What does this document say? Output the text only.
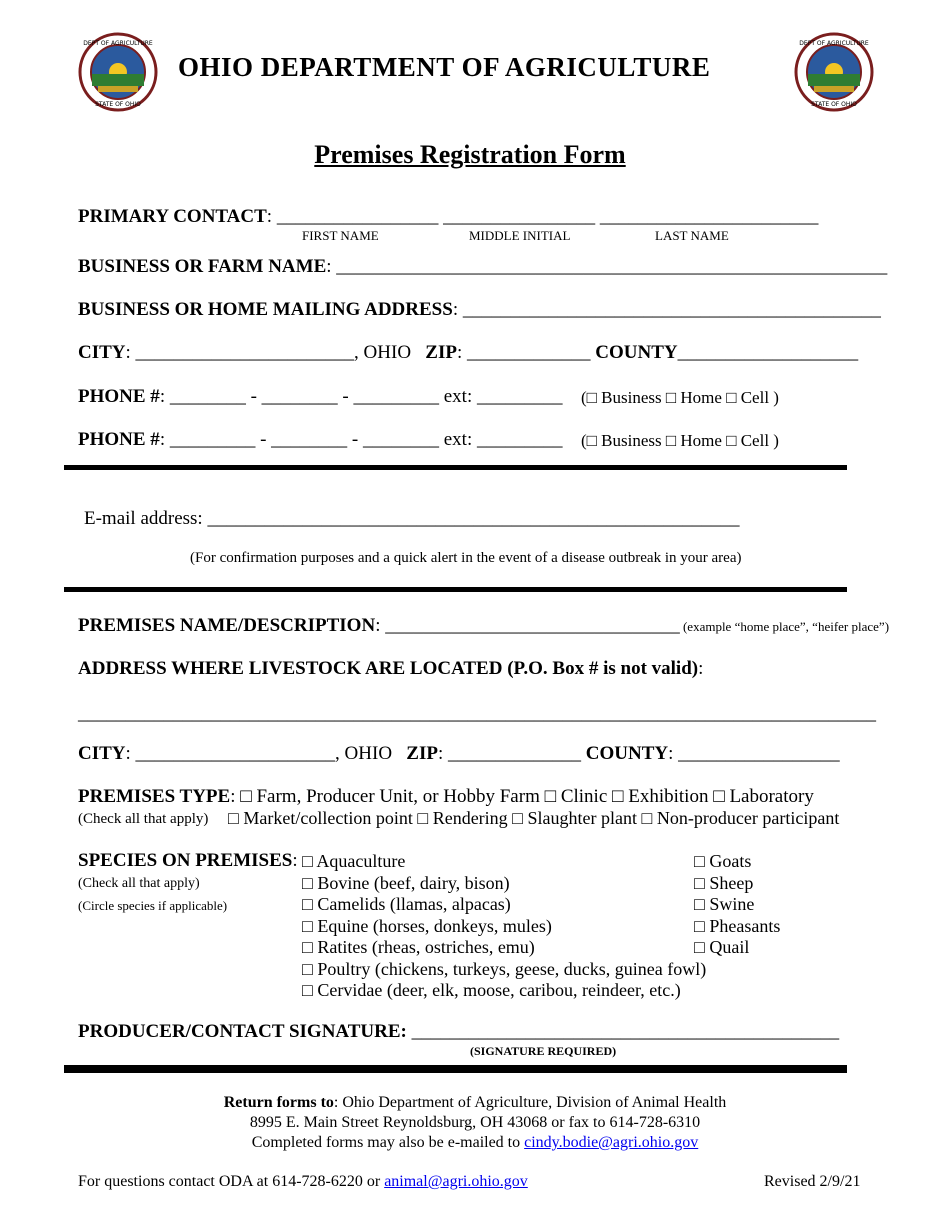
DEPT OF AGRICULTURE
STATE OF OHIO
DEPT OF AGRICULTURE
STATE OF OHIO
OHIO DEPARTMENT OF AGRICULTURE
Premises Registration Form
PRIMARY CONTACT: _________________ ________________ _______________________
FIRST NAME	MIDDLE INITIAL	LAST NAME
BUSINESS OR FARM NAME: __________________________________________________________
BUSINESS OR HOME MAILING ADDRESS: ____________________________________________
CITY: _______________________, OHIO ZIP: _____________ COUNTY___________________
PHONE #: ________ - ________ - _________ ext: _________ (□ Business □ Home □ Cell )
PHONE #: _________ - ________ - ________ ext: _________ (□ Business □ Home □ Cell )
E-mail address: ________________________________________________________
(For confirmation purposes and a quick alert in the event of a disease outbreak in your area)
PREMISES NAME/DESCRIPTION: _______________________________ (example “home place”, “heifer place”)
ADDRESS WHERE LIVESTOCK ARE LOCATED (P.O. Box # is not valid):
____________________________________________________________________________________
CITY: _____________________, OHIO ZIP: ______________ COUNTY: _________________
PREMISES TYPE: □ Farm, Producer Unit, or Hobby Farm □ Clinic □ Exhibition □ Laboratory
(Check all that apply) □ Market/collection point □ Rendering □ Slaughter plant □ Non-producer participant
SPECIES ON PREMISES:
(Check all that apply)
(Circle species if applicable)
□ Aquaculture
□ Bovine (beef, dairy, bison)
□ Camelids (llamas, alpacas)
□ Equine (horses, donkeys, mules)
□ Ratites (rheas, ostriches, emu)
□ Poultry (chickens, turkeys, geese, ducks, guinea fowl)
□ Cervidae (deer, elk, moose, caribou, reindeer, etc.)
□ Goats
□ Sheep
□ Swine
□ Pheasants
□ Quail
PRODUCER/CONTACT SIGNATURE: _____________________________________________
(SIGNATURE REQUIRED)
Return forms to: Ohio Department of Agriculture, Division of Animal Health
8995 E. Main Street Reynoldsburg, OH 43068 or fax to 614-728-6310
Completed forms may also be e-mailed to cindy.bodie@agri.ohio.gov
For questions contact ODA at 614-728-6220 or animal@agri.ohio.gov	Revised 2/9/21
